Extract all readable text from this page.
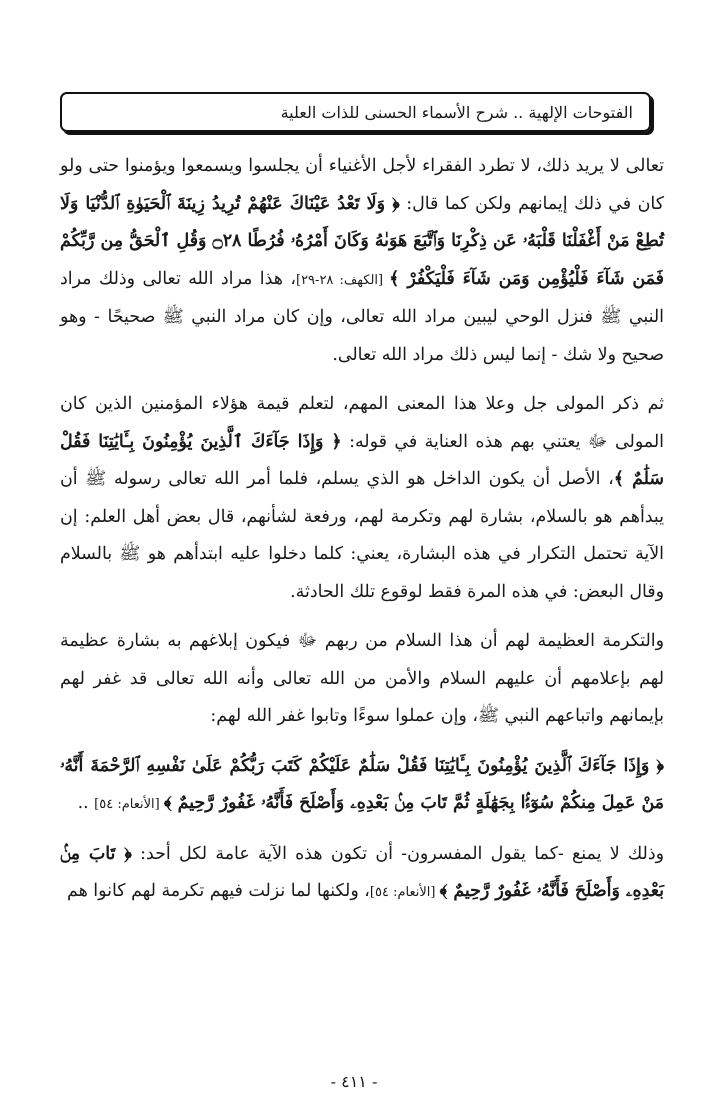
الفتوحات الإلهية .. شرح الأسماء الحسنى للذات العلية

تعالى لا يريد ذلك، لا تطرد الفقراء لأجل الأغنياء أن يجلسوا ويسمعوا ويؤمنوا حتى ولو كان في ذلك إيمانهم ولكن كما قال: ﴿ وَلَا تَعْدُ عَيْنَاكَ عَنْهُمْ تُرِيدُ زِينَةَ ٱلْحَيَوٰةِ ٱلدُّنْيَا وَلَا تُطِعْ مَنْ أَغْفَلْنَا قَلْبَهُۥ عَن ذِكْرِنَا وَٱتَّبَعَ هَوَىٰهُ وَكَانَ أَمْرُهُۥ فُرُطًا ۝٢٨ وَقُلِ ٱلْحَقُّ مِن رَّبِّكُمْ فَمَن شَآءَ فَلْيُؤْمِن وَمَن شَآءَ فَلْيَكْفُرْ ﴾ [الكهف: ٢٨-٢٩]، هذا مراد الله تعالى وذلك مراد النبي ﷺ فنزل الوحي ليبين مراد الله تعالى، وإن كان مراد النبي ﷺ صحيحًا - وهو صحيح ولا شك - إنما ليس ذلك مراد الله تعالى.

ثم ذكر المولى جل وعلا هذا المعنى المهم، لتعلم قيمة هؤلاء المؤمنين الذين كان المولى ﷻ يعتني بهم هذه العناية في قوله: ﴿ وَإِذَا جَآءَكَ ٱلَّذِينَ يُؤْمِنُونَ بِـَٔايَٰتِنَا فَقُلْ سَلَٰمٌ ﴾، الأصل أن يكون الداخل هو الذي يسلم، فلما أمر الله تعالى رسوله ﷺ أن يبدأهم هو بالسلام، بشارة لهم وتكرمة لهم، ورفعة لشأنهم، قال بعض أهل العلم: إن الآية تحتمل التكرار في هذه البشارة، يعني: كلما دخلوا عليه ابتدأهم هو ﷺ بالسلام وقال البعض: في هذه المرة فقط لوقوع تلك الحادثة.

والتكرمة العظيمة لهم أن هذا السلام من ربهم ﷻ فيكون إبلاغهم به بشارة عظيمة لهم بإعلامهم أن عليهم السلام والأمن من الله تعالى وأنه الله تعالى قد غفر لهم بإيمانهم واتباعهم النبي ﷺ، وإن عملوا سوءًا وتابوا غفر الله لهم:

﴿ وَإِذَا جَآءَكَ ٱلَّذِينَ يُؤْمِنُونَ بِـَٔايَٰتِنَا فَقُلْ سَلَٰمٌ عَلَيْكُمْ كَتَبَ رَبُّكُمْ عَلَىٰ نَفْسِهِ ٱلرَّحْمَةَ أَنَّهُۥ مَنْ عَمِلَ مِنكُمْ سُوٓءًۢا بِجَهَٰلَةٍ ثُمَّ تَابَ مِنۢ بَعْدِهِۦ وَأَصْلَحَ فَأَنَّهُۥ غَفُورٌ رَّحِيمٌ ﴾ [الأنعام: ٥٤] ..

وذلك لا يمنع -كما يقول المفسرون- أن تكون هذه الآية عامة لكل أحد: ﴿ تَابَ مِنۢ بَعْدِهِۦ وَأَصْلَحَ فَأَنَّهُۥ غَفُورٌ رَّحِيمٌ ﴾ [الأنعام: ٥٤]، ولكنها لما نزلت فيهم تكرمة لهم كانوا هم

- ٤١١ -
